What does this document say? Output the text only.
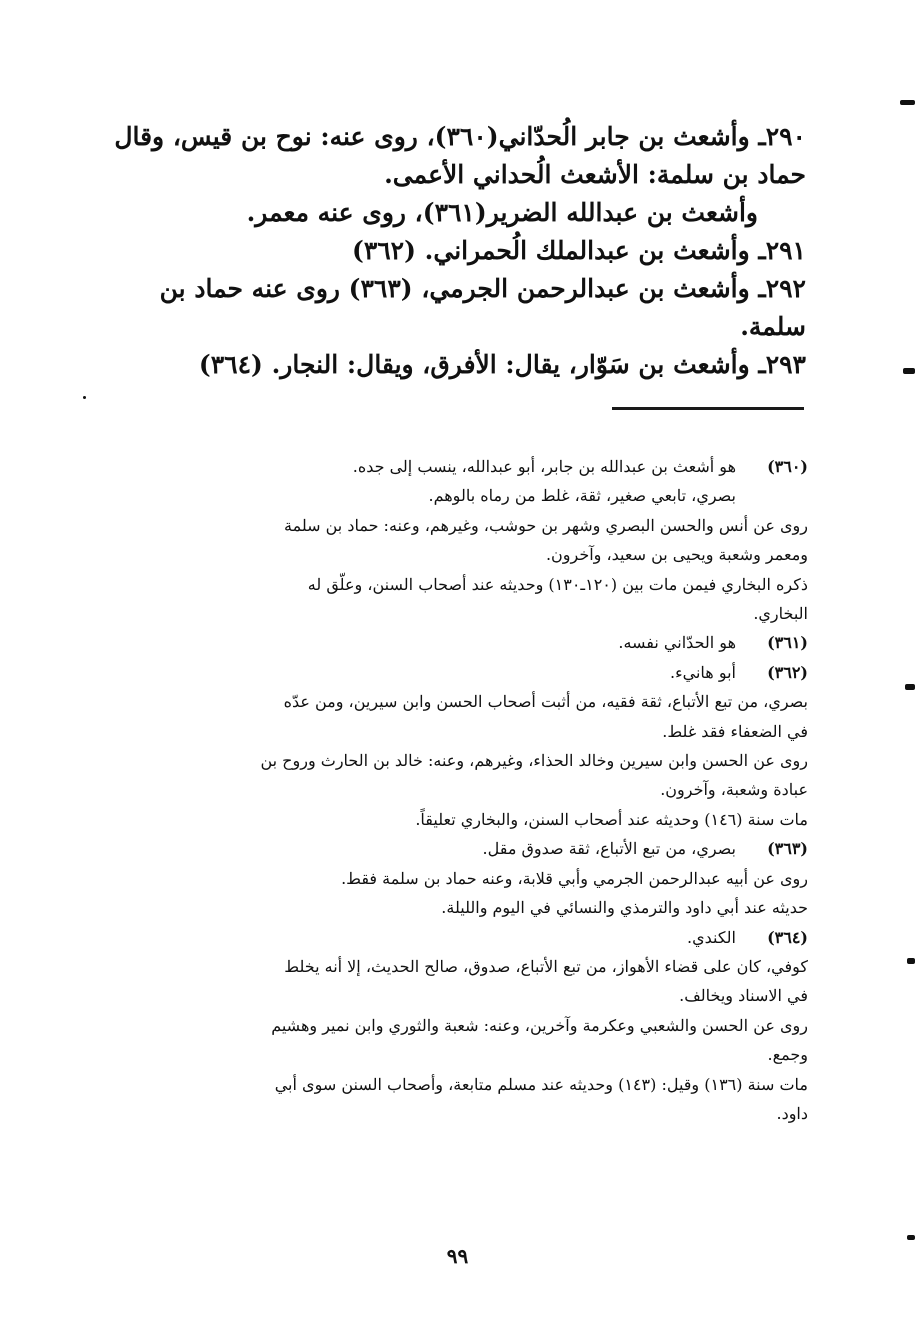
٢٩٠ـ وأشعث بن جابر الُحدّاني(٣٦٠)، روى عنه: نوح بن قيس، وقال

حماد بن سلمة: الأشعث الُحداني الأعمى.

وأشعث بن عبدالله الضرير(٣٦١)، روى عنه معمر.

٢٩١ـ وأشعث بن عبدالملك الُحمراني. (٣٦٢)

٢٩٢ـ وأشعث بن عبدالرحمن الجرمي، (٣٦٣) روى عنه حماد بن سلمة.

٢٩٣ـ وأشعث بن سَوّار، يقال: الأفرق، ويقال: النجار. (٣٦٤)

(٣٦٠)

هو أشعث بن عبدالله بن جابر، أبو عبدالله، ينسب إلى جده.

بصري، تابعي صغير، ثقة، غلط من رماه بالوهم.

روى عن أنس والحسن البصري وشهر بن حوشب، وغيرهم، وعنه: حماد بن سلمة

ومعمر وشعبة ويحيى بن سعيد، وآخرون.

ذكره البخاري فيمن مات بين (١٢٠ـ١٣٠) وحديثه عند أصحاب السنن، وعلّق له

البخاري.

(٣٦١)

هو الحدّاني نفسه.

(٣٦٢)

أبو هانيء.

بصري، من تبع الأتباع، ثقة فقيه، من أثبت أصحاب الحسن وابن سيرين، ومن عدّه

في الضعفاء فقد غلط.

روى عن الحسن وابن سيرين وخالد الحذاء، وغيرهم، وعنه: خالد بن الحارث وروح بن

عبادة وشعبة، وآخرون.

مات سنة (١٤٦) وحديثه عند أصحاب السنن، والبخاري تعليقاً.

(٣٦٣)

بصري، من تبع الأتباع، ثقة صدوق مقل.

روى عن أبيه عبدالرحمن الجرمي وأبي قلابة، وعنه حماد بن سلمة فقط.

حديثه عند أبي داود والترمذي والنسائي في اليوم والليلة.

(٣٦٤)

الكندي.

كوفي، كان على قضاء الأهواز، من تبع الأتباع، صدوق، صالح الحديث، إلا أنه يخلط

في الاسناد ويخالف.

روى عن الحسن والشعبي وعكرمة وآخرين، وعنه: شعبة والثوري وابن نمير وهشيم

وجمع.

مات سنة (١٣٦) وقيل: (١٤٣) وحديثه عند مسلم متابعة، وأصحاب السنن سوى أبي

داود.

٩٩
